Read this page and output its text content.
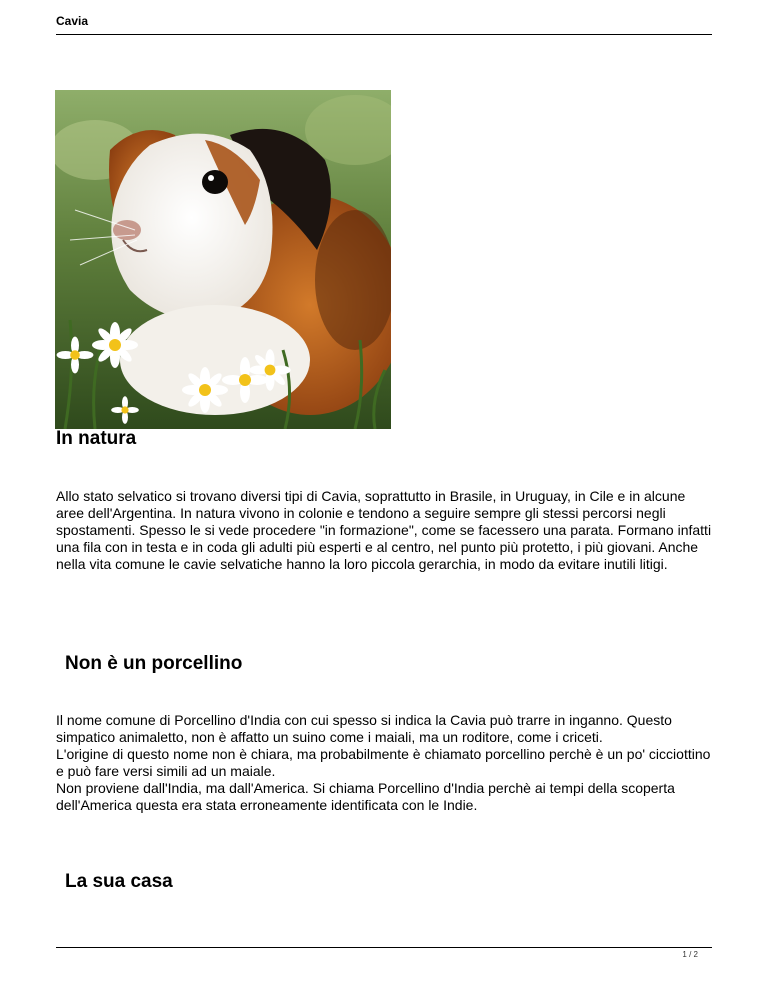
Cavia
In natura

Allo stato selvatico si trovano diversi tipi di Cavia, soprattutto in Brasile, in Uruguay, in Cile e in alcune aree dell'Argentina. In natura vivono in colonie e tendono a seguire sempre gli stessi percorsi negli spostamenti. Spesso le si vede procedere "in formazione", come se facessero una parata. Formano infatti una fila con in testa e in coda gli adulti più esperti e al centro, nel punto più protetto, i più giovani. Anche nella vita comune le cavie selvatiche hanno la loro piccola gerarchia, in modo da evitare inutili litigi.

Non è un porcellino

Il nome comune di Porcellino d'India con cui spesso si indica la Cavia può trarre in inganno. Questo simpatico animaletto, non è affatto un suino come i maiali, ma un roditore, come i criceti.

L'origine di questo nome non è chiara, ma probabilmente è chiamato porcellino perchè è un po' cicciottino e può fare versi simili ad un maiale.

Non proviene dall'India, ma dall'America. Si chiama Porcellino d'India perchè ai tempi della scoperta dell'America questa era stata erroneamente identificata con le Indie.

La sua casa
1 / 2
